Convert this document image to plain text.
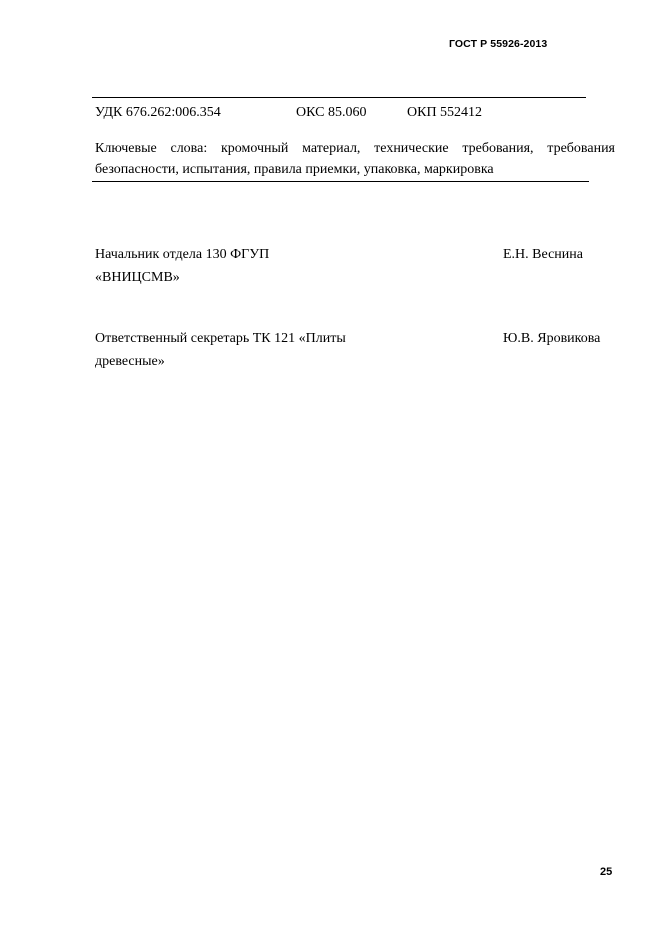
ГОСТ Р 55926-2013
УДК 676.262:006.354	ОКС 85.060	ОКП 552412
Ключевые слова: кромочный материал, технические требования, требования
безопасности, испытания, правила приемки, упаковка, маркировка
Начальник отдела 130 ФГУП
«ВНИЦСМВ»
Е.Н. Веснина
Ответственный секретарь ТК 121 «Плиты
древесные»
Ю.В. Яровикова
25
